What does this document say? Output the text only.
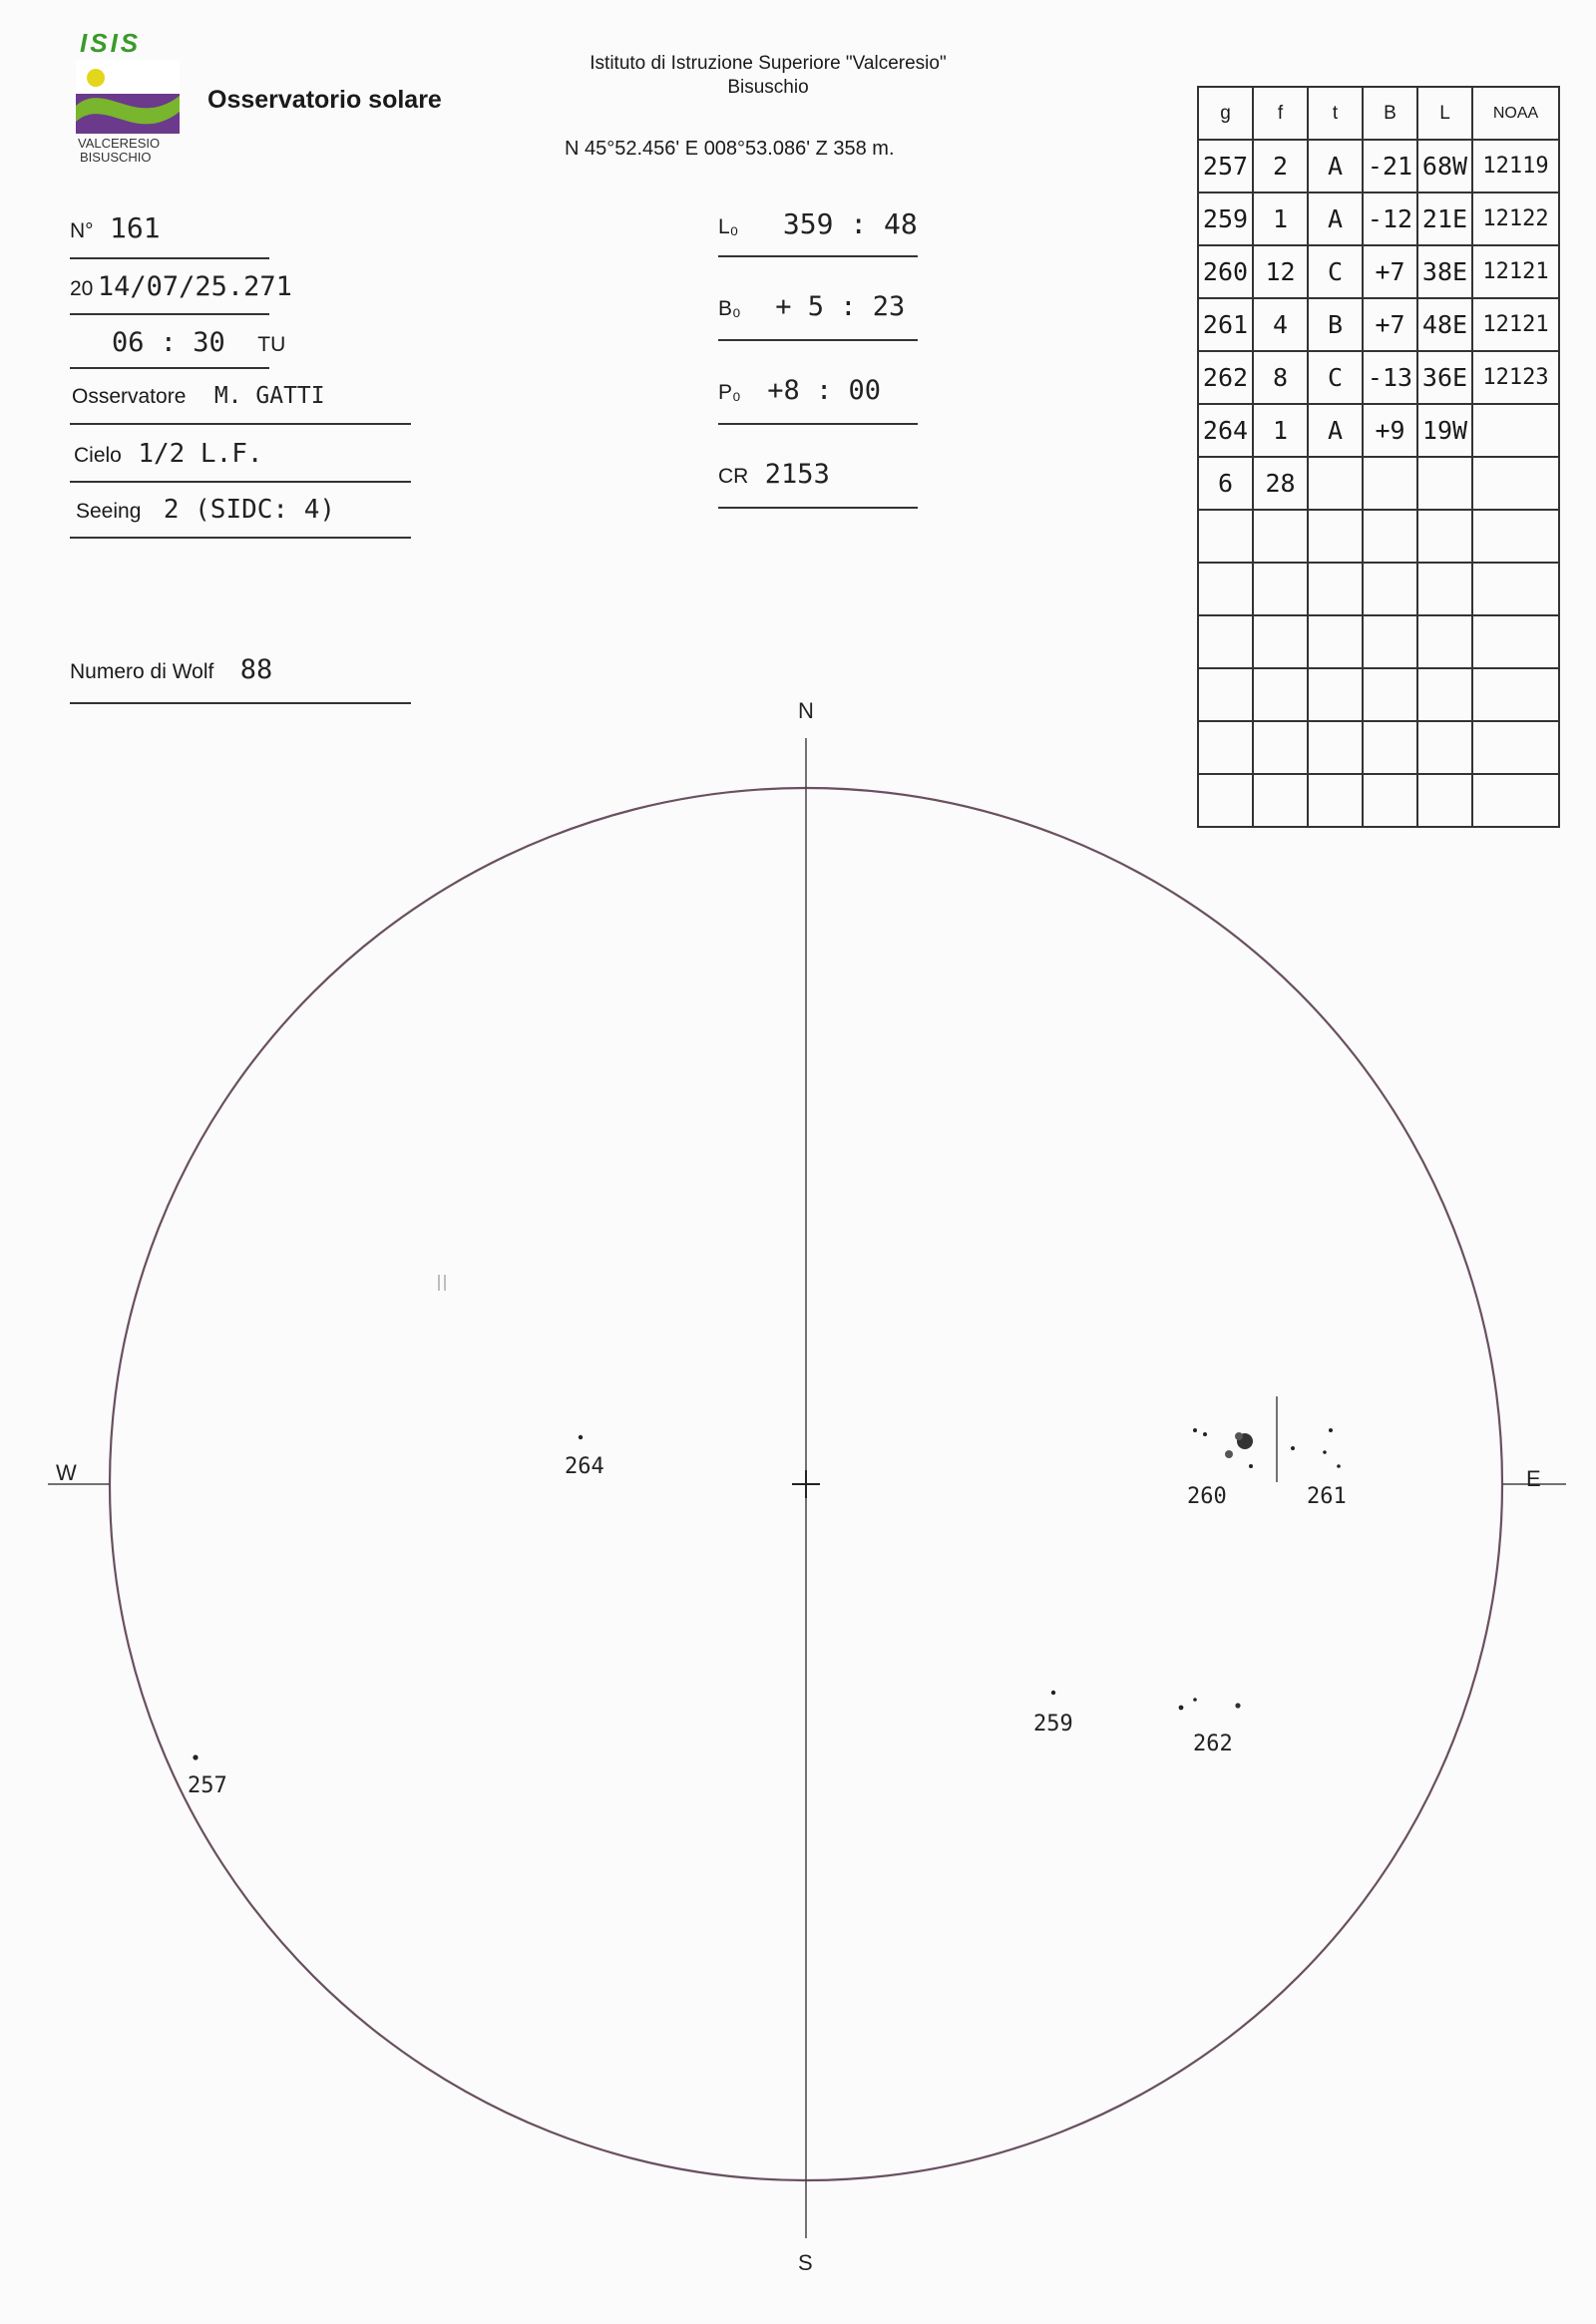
ISIS
VALCERESIO
BISUSCHIO
Osservatorio solare
Istituto di Istruzione Superiore "Valceresio"
Bisuschio
N 45°52.456' E 008°53.086' Z 358 m.
N° 161
20 14/07/25.271
06 : 30 TU
Osservatore M. GATTI
Cielo 1/2 L.F.
Seeing 2 (SIDC: 4)
Numero di Wolf 88
L₀ 359 : 48
B₀ + 5 : 23
P₀ +8 : 00
CR 2153
g	f	t	B	L	NOAA
257	2	A	-21	68W	12119
259	1	A	-12	21E	12122
260	12	C	+7	38E	12121
261	4	B	+7	48E	12121
262	8	C	-13	36E	12123
264	1	A	+9	19W	
6	28				

N
S
W	E
264
260	261
259
262
257
